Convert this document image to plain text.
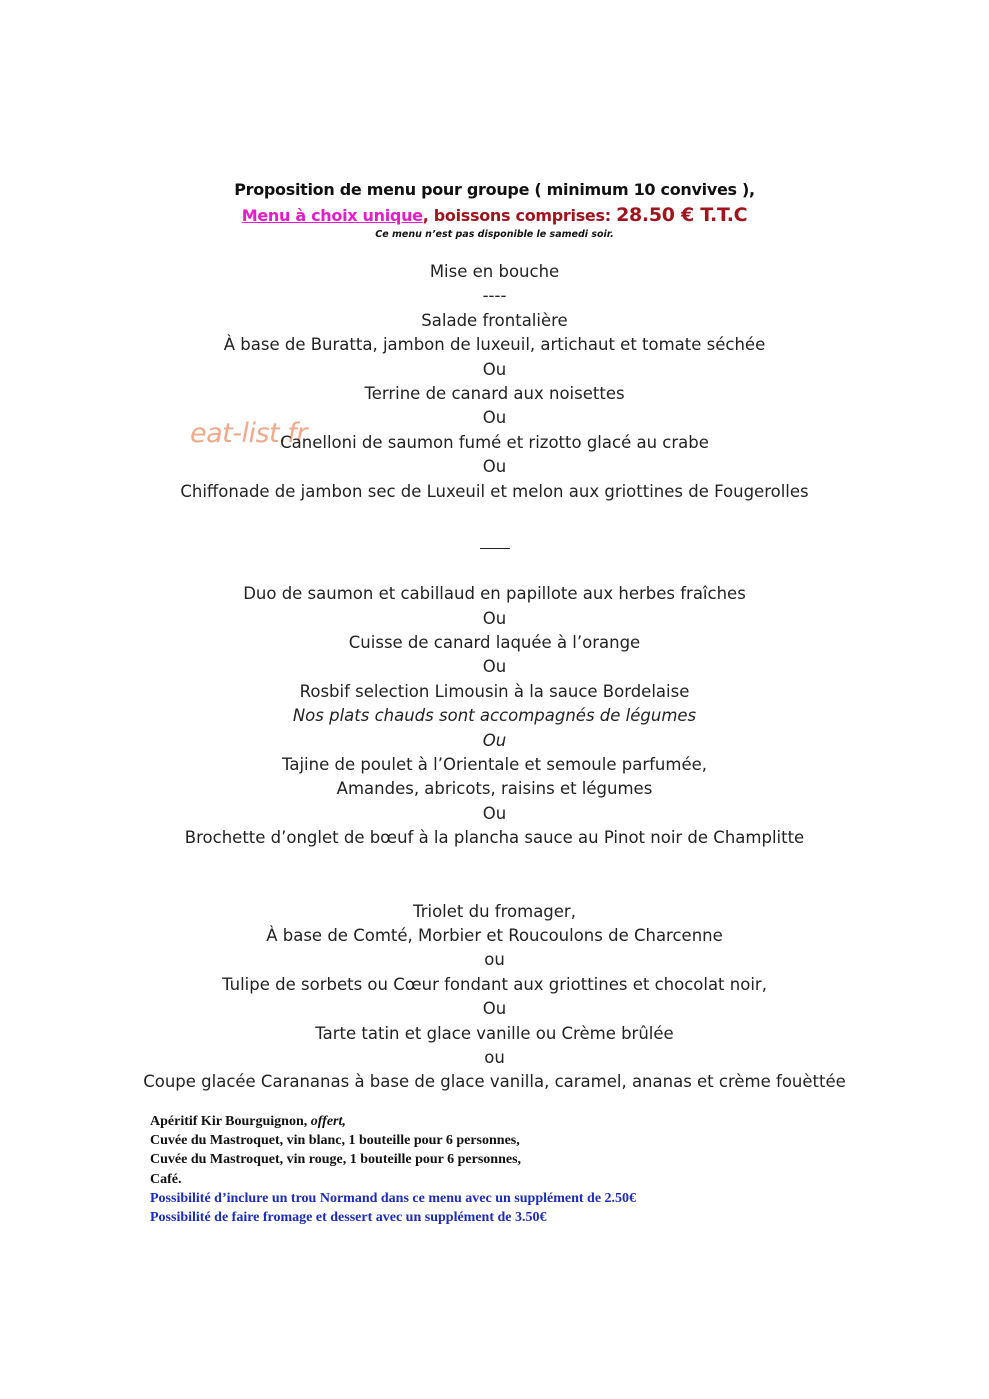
Proposition de menu pour groupe ( minimum 10 convives ),
Menu à choix unique, boissons comprises: 28.50 € T.T.C
Ce menu n’est pas disponible le samedi soir.
eat-list.fr
Mise en bouche
----
Salade frontalière
À base de Buratta, jambon de luxeuil, artichaut et tomate séchée
Ou
Terrine de canard aux noisettes
Ou
Canelloni de saumon fumé et rizotto glacé au crabe
Ou
Chiffonade de jambon sec de Luxeuil et melon aux griottines de Fougerolles
Duo de saumon et cabillaud en papillote aux herbes fraîches
Ou
Cuisse de canard laquée à l’orange
Ou
Rosbif selection Limousin à la sauce Bordelaise
Nos plats chauds sont accompagnés de légumes
Ou
Tajine de poulet à l’Orientale et semoule parfumée,
Amandes, abricots, raisins et légumes
Ou
Brochette d’onglet de bœuf à la plancha sauce au Pinot noir de Champlitte
Triolet du fromager,
À base de Comté, Morbier et Roucoulons de Charcenne
ou
Tulipe de sorbets ou Cœur fondant aux griottines et chocolat noir,
Ou
Tarte tatin et glace vanille ou Crème brûlée
ou
Coupe glacée Carananas à base de glace vanilla, caramel, ananas et crème fouèttée
Apéritif Kir Bourguignon, offert,
Cuvée du Mastroquet, vin blanc, 1 bouteille pour 6 personnes,
Cuvée du Mastroquet, vin rouge, 1 bouteille pour 6 personnes,
Café.
Possibilité d’inclure un trou Normand dans ce menu avec un supplément de 2.50€
Possibilité de faire fromage et dessert avec un supplément de 3.50€
